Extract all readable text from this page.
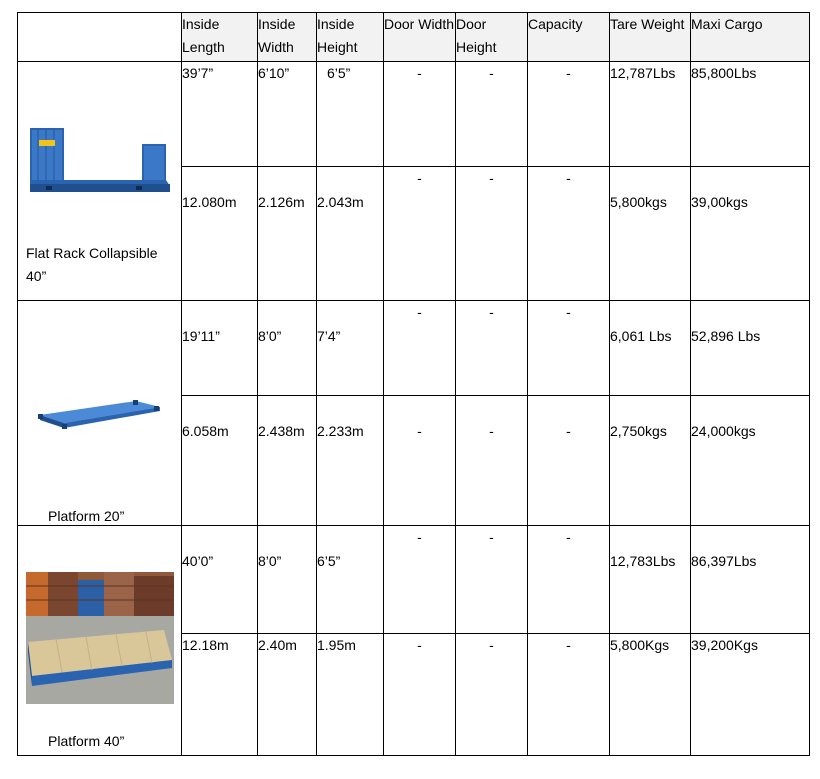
	Inside Length	Inside Width	Inside Height	Door Width	Door Height	Capacity	Tare Weight	Maxi Cargo

Flat Rack Collapsible 40”	39’7”	6’10”	6’5”	-	-	-	12,787Lbs	85,800Lbs
	12.080m	2.126m	2.043m	-	-	-	5,800kgs	39,00kgs

Platform 20”	19’11”	8’0”	7’4”	-	-	-	6,061 Lbs	52,896 Lbs
	6.058m	2.438m	2.233m	-	-	-	2,750kgs	24,000kgs

Platform 40”	40’0”	8’0”	6’5”	-	-	-	12,783Lbs	86,397Lbs
	12.18m	2.40m	1.95m	-	-	-	5,800Kgs	39,200Kgs
